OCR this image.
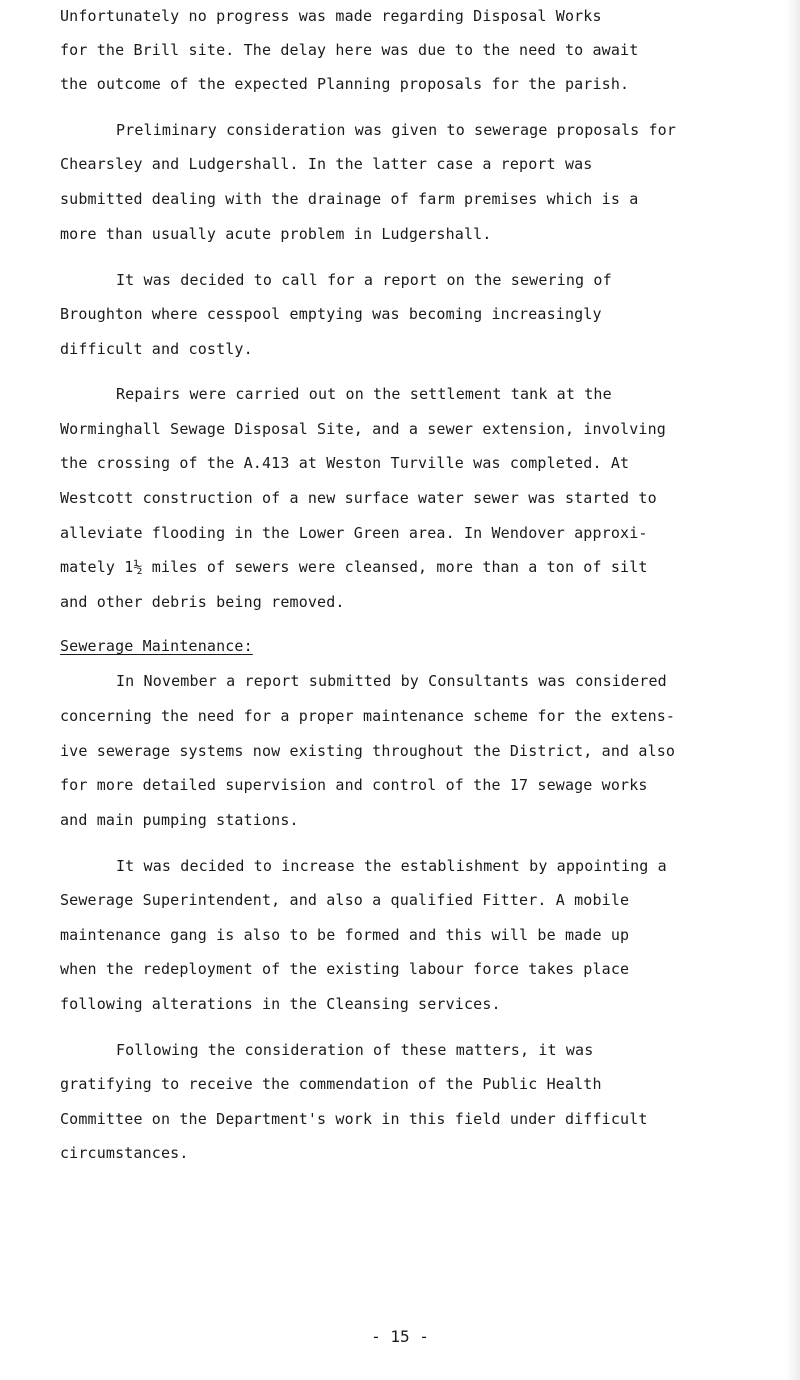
Unfortunately no progress was made regarding Disposal Works
for the Brill site. The delay here was due to the need to await
the outcome of the expected Planning proposals for the parish.
Preliminary consideration was given to sewerage proposals for
Chearsley and Ludgershall. In the latter case a report was
submitted dealing with the drainage of farm premises which is a
more than usually acute problem in Ludgershall.
It was decided to call for a report on the sewering of
Broughton where cesspool emptying was becoming increasingly
difficult and costly.
Repairs were carried out on the settlement tank at the
Worminghall Sewage Disposal Site, and a sewer extension, involving
the crossing of the A.413 at Weston Turville was completed. At
Westcott construction of a new surface water sewer was started to
alleviate flooding in the Lower Green area. In Wendover approxi-
mately 1½ miles of sewers were cleansed, more than a ton of silt
and other debris being removed.
Sewerage Maintenance:
In November a report submitted by Consultants was considered
concerning the need for a proper maintenance scheme for the extens-
ive sewerage systems now existing throughout the District, and also
for more detailed supervision and control of the 17 sewage works
and main pumping stations.
It was decided to increase the establishment by appointing a
Sewerage Superintendent, and also a qualified Fitter. A mobile
maintenance gang is also to be formed and this will be made up
when the redeployment of the existing labour force takes place
following alterations in the Cleansing services.
Following the consideration of these matters, it was
gratifying to receive the commendation of the Public Health
Committee on the Department's work in this field under difficult
circumstances.
- 15 -
